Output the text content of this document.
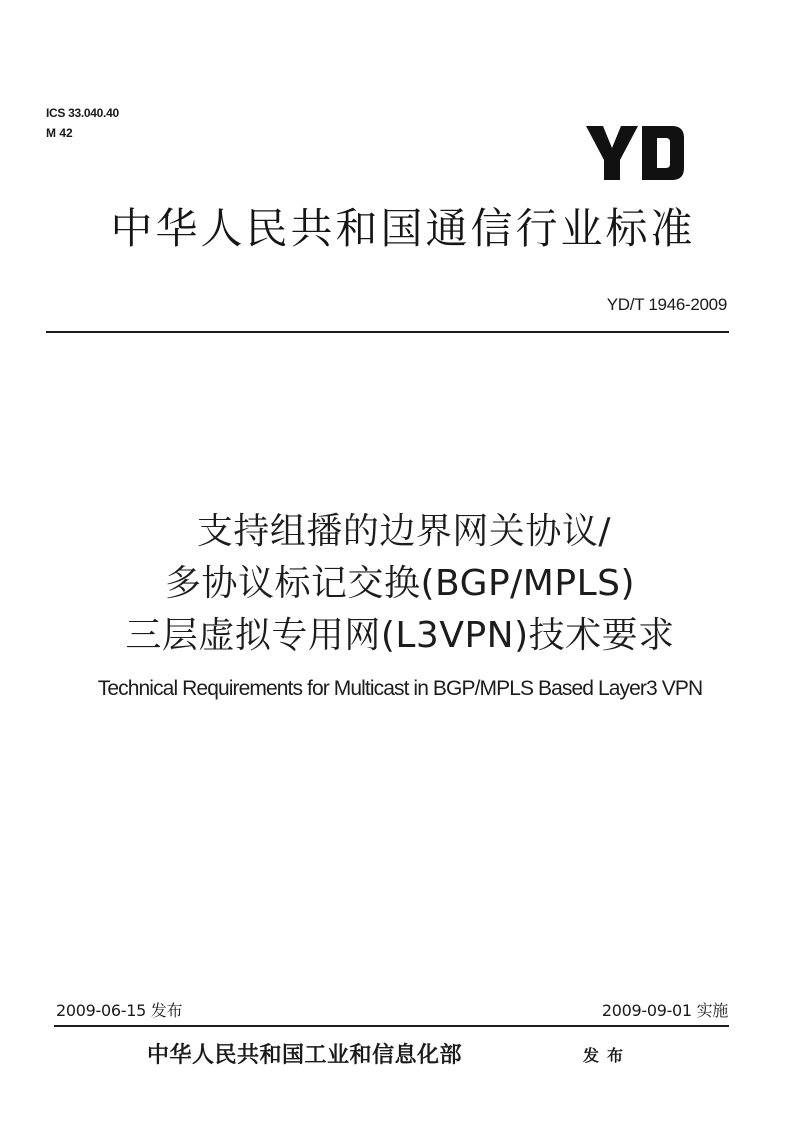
ICS 33.040.40
M 42
中华人民共和国通信行业标准
YD/T 1946-2009
支持组播的边界网关协议/
多协议标记交换(BGP/MPLS)
三层虚拟专用网(L3VPN)技术要求
Technical Requirements for Multicast in BGP/MPLS Based Layer3 VPN
2009-06-15 发布	2009-09-01 实施
中华人民共和国工业和信息化部	发布
